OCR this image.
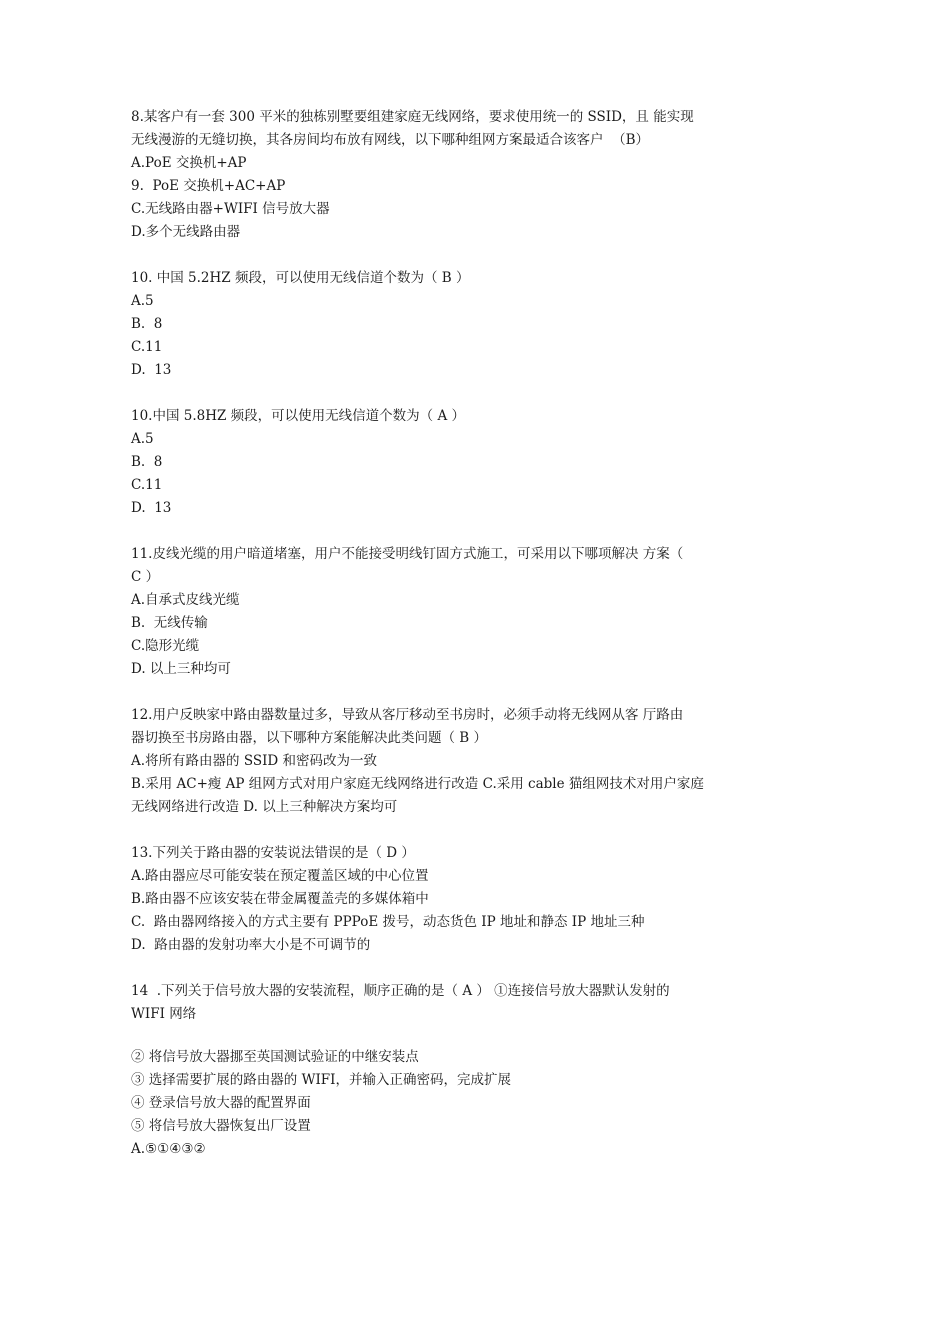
8.某客户有一套 300 平米的独栋别墅要组建家庭无线网络，要求使用统一的 SSID，且 能实现
无线漫游的无缝切换，其各房间均布放有网线，以下哪种组网方案最适合该客户  （B）
A.PoE 交换机+AP
9.  PoE 交换机+AC+AP
C.无线路由器+WIFI 信号放大器
D.多个无线路由器
10. 中国 5.2HZ 频段，可以使用无线信道个数为（ B ）
A.5
B.  8
C.11
D.  13
10.中国 5.8HZ 频段，可以使用无线信道个数为（ A ）
A.5
B.  8
C.11
D.  13
11.皮线光缆的用户暗道堵塞，用户不能接受明线钉固方式施工，可采用以下哪项解决 方案（
C ）
A.自承式皮线光缆
B.  无线传输
C.隐形光缆
D. 以上三种均可
12.用户反映家中路由器数量过多，导致从客厅移动至书房时，必须手动将无线网从客 厅路由
器切换至书房路由器，以下哪种方案能解决此类问题（ B ）
A.将所有路由器的 SSID 和密码改为一致
B.采用 AC+瘦 AP 组网方式对用户家庭无线网络进行改造 C.采用 cable 猫组网技术对用户家庭
无线网络进行改造 D. 以上三种解决方案均可
13.下列关于路由器的安装说法错误的是（ D ）
A.路由器应尽可能安装在预定覆盖区域的中心位置
B.路由器不应该安装在带金属覆盖壳的多媒体箱中
C.  路由器网络接入的方式主要有 PPPoE 拨号，动态货色 IP 地址和静态 IP 地址三种
D.  路由器的发射功率大小是不可调节的
14  .下列关于信号放大器的安装流程，顺序正确的是（ A ） ①连接信号放大器默认发射的
WIFI 网络
② 将信号放大器挪至英国测试验证的中继安装点
③ 选择需要扩展的路由器的 WIFI，并输入正确密码，完成扩展
④ 登录信号放大器的配置界面
⑤ 将信号放大器恢复出厂设置
A.⑤①④③②
